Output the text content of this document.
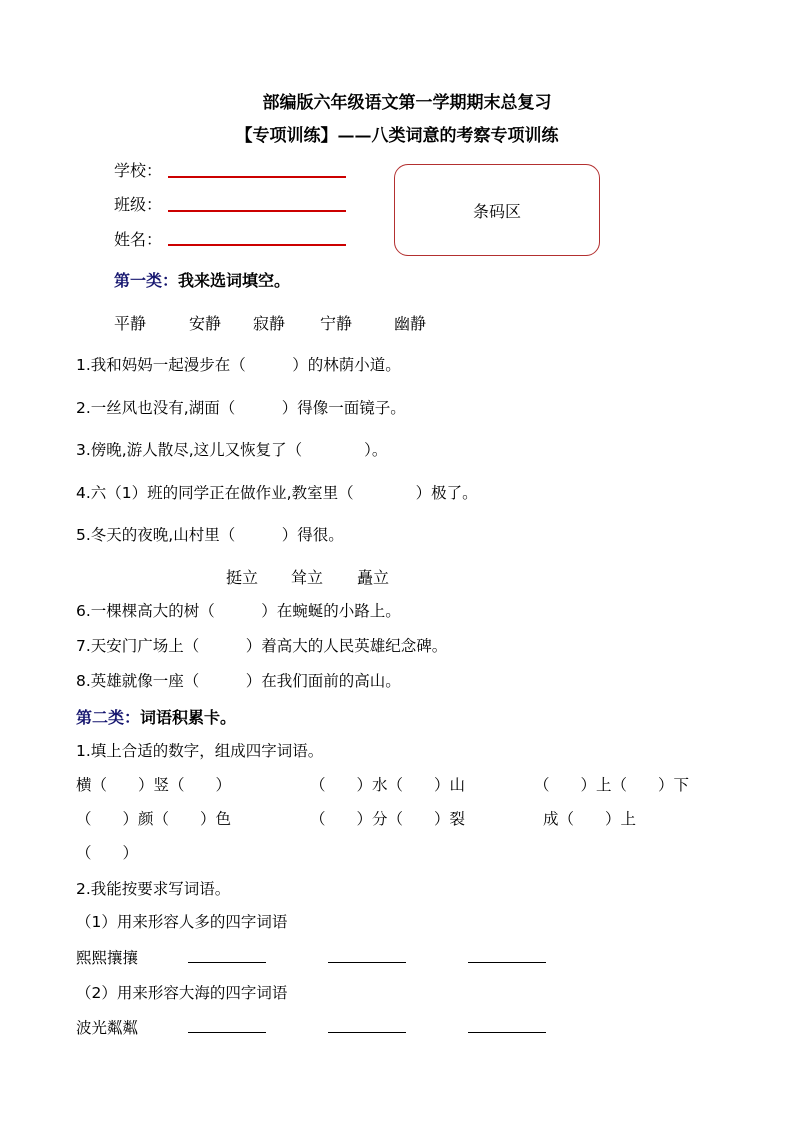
部编版六年级语文第一学期期末总复习
【专项训练】——八类词意的考察专项训练
学校：
班级：
姓名：
条码区
第一类：我来选词填空。
平静	安静 寂静 宁静	幽静
1.我和妈妈一起漫步在（　　　）的林荫小道。
2.一丝风也没有,湖面（　　　）得像一面镜子。
3.傍晚,游人散尽,这儿又恢复了（　　　　）。
4.六（1）班的同学正在做作业,教室里（　　　　）极了。
5.冬天的夜晚,山村里（　　　）得很。
挺立 耸立 矗立
6.一棵棵高大的树（　　　）在蜿蜒的小路上。
7.天安门广场上（　　　）着高大的人民英雄纪念碑。
8.英雄就像一座（　　　）在我们面前的高山。
第二类：词语积累卡。
1.填上合适的数字，组成四字词语。
横（　　）竖（　　）	（　　）水（　　）山	（　　）上（　　）下
（　　）颜（　　）色	（　　）分（　　）裂	成（　　）上
（　　）
2.我能按要求写词语。
（1）用来形容人多的四字词语
熙熙攘攘
（2）用来形容大海的四字词语
波光粼粼
